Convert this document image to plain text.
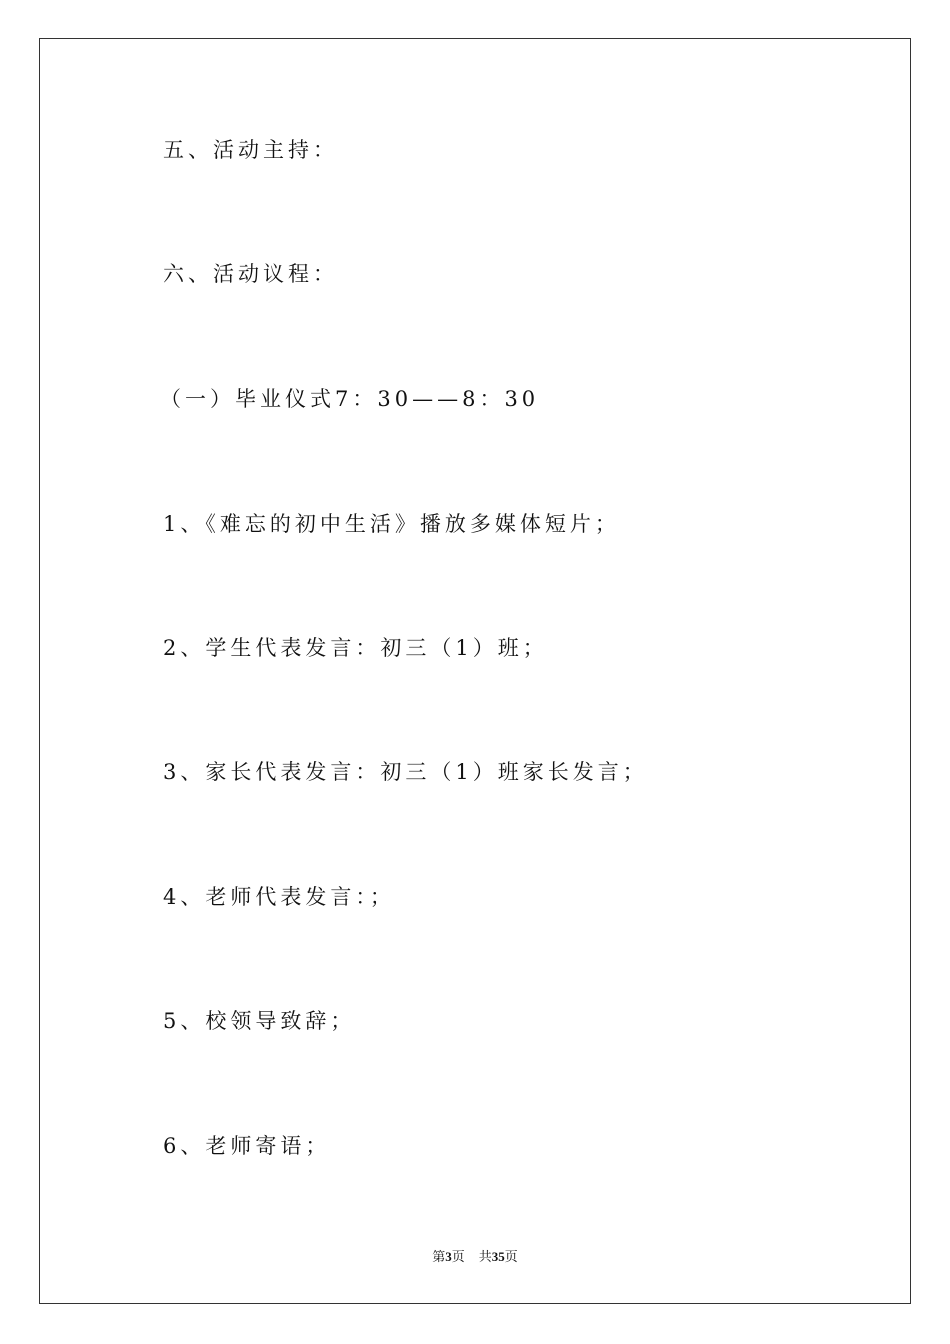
五、活动主持：
六、活动议程：
（一）毕业仪式7：30——8：30
1、《难忘的初中生活》播放多媒体短片；
2、学生代表发言：初三（1）班；
3、家长代表发言：初三（1）班家长发言；
4、老师代表发言：；
5、校领导致辞；
6、老师寄语；
第3页 共35页
